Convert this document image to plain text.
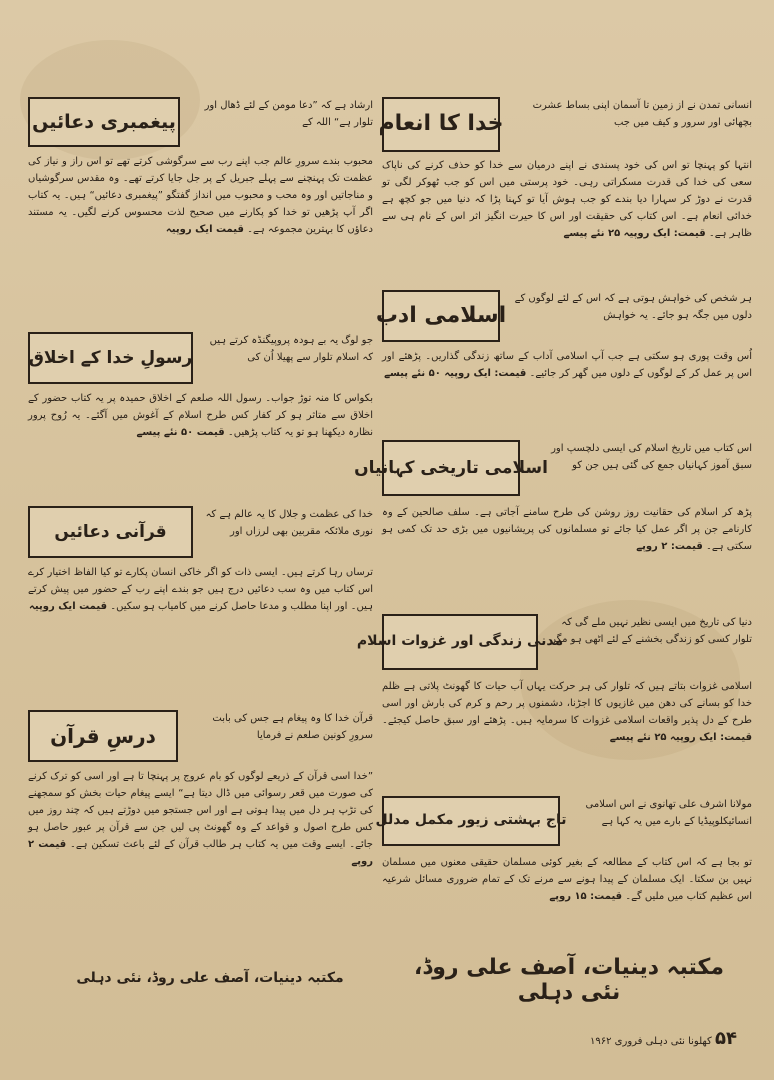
خدا کا انعام
انسانی تمدن نے از زمین تا آسمان اپنی بساط عشرت بچھائی اور سرور و کیف میں جب
انتہا کو پہنچا تو اس کی خود پسندی نے اپنے درمیان سے خدا کو حذف کرنے کی ناپاک سعی کی خدا کی قدرت مسکراتی رہی۔ خود پرستی میں اس کو جب ٹھوکر لگی تو قدرت نے دوڑ کر سہارا دیا بندے کو جب ہوش آیا تو کہنا پڑا کہ دنیا میں جو کچھ ہے خدائی انعام ہے۔ اس کتاب کی حقیقت اور اس کا حیرت انگیز اثر اس کے نام ہی سے ظاہر ہے۔ قیمت: ایک روپیہ ۲۵ نئے پیسے
اسلامی ادب
ہر شخص کی خواہش ہوتی ہے کہ اس کے لئے لوگوں کے دلوں میں جگہ ہو جائے۔ یہ خواہش
اُس وقت پوری ہو سکتی ہے جب آپ اسلامی آداب کے ساتھ زندگی گذاریں۔ پڑھئے اور اس پر عمل کر کے لوگوں کے دلوں میں گھر کر جائیے۔ قیمت: ایک روپیہ ۵۰ نئے پیسے
اسلامی تاریخی کہانیاں
اس کتاب میں تاریخ اسلام کی ایسی دلچسپ اور سبق آموز کہانیاں جمع کی گئی ہیں جن کو
پڑھ کر اسلام کی حقانیت روز روشن کی طرح سامنے آجاتی ہے۔ سلف صالحین کے وہ کارنامے جن پر اگر عمل کیا جائے تو مسلمانوں کی پریشانیوں میں بڑی حد تک کمی ہو سکتی ہے۔ قیمت: ۲ روپے
مدنی زندگی اور غزوات اسلام
دنیا کی تاریخ میں ایسی نظیر نہیں ملے گی کہ تلوار کسی کو زندگی بخشنے کے لئے اٹھی ہو مگر
اسلامی غزوات بتاتے ہیں کہ تلوار کی ہر حرکت یہاں آب حیات کا گھونٹ پلاتی ہے ظلم خدا کو بسانے کی دھن میں غازیوں کا اجڑنا، دشمنوں پر رحم و کرم کی بارش اور اسی طرح کے دل پذیر واقعات اسلامی غزوات کا سرمایہ ہیں۔ پڑھئے اور سبق حاصل کیجئے۔ قیمت: ایک روپیہ ۲۵ نئے پیسے
تاج بہشتی زیور مکمل مدلل
مولانا اشرف علی تھانوی نے اس اسلامی انسائیکلوپیڈیا کے بارے میں یہ کہا ہے
تو بجا ہے کہ اس کتاب کے مطالعہ کے بغیر کوئی مسلمان حقیقی معنوں میں مسلمان نہیں بن سکتا۔ ایک مسلمان کے پیدا ہونے سے مرنے تک کے تمام ضروری مسائل شرعیہ اس عظیم کتاب میں ملیں گے۔ قیمت: ۱۵ روپے
پیغمبری دعائیں
ارشاد ہے کہ ”دعا مومن کے لئے ڈھال اور تلوار ہے“ اللہ کے
محبوب بندے سرورِ عالم جب اپنے رب سے سرگوشی کرتے تھے تو اس راز و نیاز کی عظمت تک پہنچنے سے پہلے جبریل کے پر جل جایا کرتے تھے۔ وہ مقدس سرگوشیاں و مناجاتیں اور وہ محب و محبوب میں انداز گفتگو ”پیغمبری دعائیں“ ہیں۔ یہ کتاب اگر آپ پڑھیں تو خدا کو پکارنے میں صحیح لذت محسوس کرنے لگیں۔ یہ مستند دعاؤں کا بہترین مجموعہ ہے۔ قیمت ایک روپیہ
رسولِ خدا کے اخلاق
جو لوگ یہ بے ہودہ پروپیگنڈہ کرتے ہیں کہ اسلام تلوار سے پھیلا اُن کی
بکواس کا منہ توڑ جواب۔ رسول اللہ صلعم کے اخلاق حمیدہ پر یہ کتاب حضور کے اخلاق سے متاثر ہو کر کفار کس طرح اسلام کے آغوش میں آگئے۔ یہ رُوح پرور نظارہ دیکھنا ہو تو یہ کتاب پڑھیں۔ قیمت ۵۰ نئے پیسے
قرآنی دعائیں
خدا کی عظمت و جلال کا یہ عالم ہے کہ نوری ملائکہ مقربین بھی لرزاں اور
ترساں رہا کرتے ہیں۔ ایسی ذات کو اگر خاکی انسان پکارے تو کیا الفاظ اختیار کرے اس کتاب میں وہ سب دعائیں درج ہیں جو بندے اپنے رب کے حضور میں پیش کرتے ہیں۔ اور اپنا مطلب و مدعا حاصل کرنے میں کامیاب ہو سکیں۔ قیمت ایک روپیہ
درسِ قرآن
قرآن خدا کا وہ پیغام ہے جس کی بابت سرورِ کونین صلعم نے فرمایا
”خدا اسی قرآن کے ذریعے لوگوں کو بام عروج پر پہنچا تا ہے اور اسی کو ترک کرنے کی صورت میں قعر رسوائی میں ڈال دیتا ہے“ ایسے پیغام حیات بخش کو سمجھنے کی تڑپ ہر دل میں پیدا ہوتی ہے اور اس جستجو میں دوڑتے ہیں کہ چند روز میں کس طرح اصول و قواعد کے وہ گھونٹ پی لیں جن سے قرآن پر عبور حاصل ہو جائے۔ ایسے وقت میں یہ کتاب ہر طالب قرآن کے لئے باعث تسکین ہے۔ قیمت ۲ روپے
مکتبہ دینیات، آصف علی روڈ، نئی دہلی	مکتبہ دینیات، آصف علی روڈ، نئی دہلی
۵۴ کھلونا نئی دہلی فروری ۱۹۶۲
